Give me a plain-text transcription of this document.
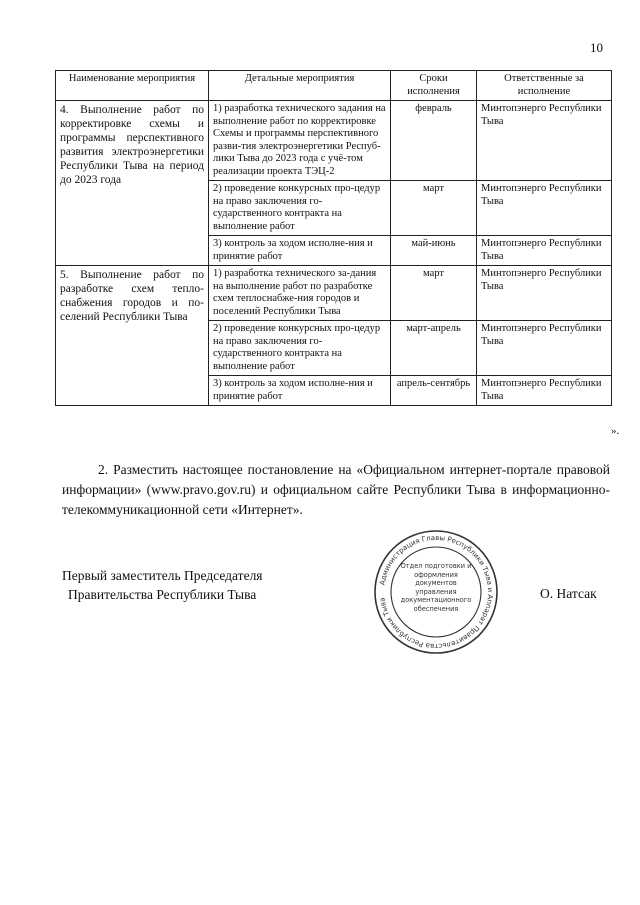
10
Наименование мероприятия	Детальные мероприятия	Сроки исполнения	Ответственные за исполнение
4. Выполнение работ по корректировке схемы и программы перспективного развития электроэнергетики Республики Тыва на период до 2023 года	1) разработка технического задания на выполнение работ по корректировке Схемы и программы перспективного разви-тия электроэнергетики Респуб-лики Тыва до 2023 года с учё-том реализации проекта ТЭЦ-2	февраль	Минтопэнерго Республики Тыва
	2) проведение конкурсных про-цедур на право заключения го-сударственного контракта на выполнение работ	март	Минтопэнерго Республики Тыва
	3) контроль за ходом исполне-ния и принятие работ	май-июнь	Минтопэнерго Республики Тыва
5. Выполнение работ по разработке схем тепло-снабжения городов и по-селений Республики Тыва	1) разработка технического за-дания на выполнение работ по разработке схем теплоснабже-ния городов и поселений Республики Тыва	март	Минтопэнерго Республики Тыва
	2) проведение конкурсных про-цедур на право заключения го-сударственного контракта на выполнение работ	март-апрель	Минтопэнерго Республики Тыва
	3) контроль за ходом исполне-ния и принятие работ	апрель-сентябрь	Минтопэнерго Республики Тыва
».

2. Разместить настоящее постановление на «Официальном интернет-портале правовой информации» (www.pravo.gov.ru) и официальном сайте Республики Тыва в информационно-телекоммуникационной сети «Интернет».

Первый заместитель Председателя
Правительства Республики Тыва
Администрация Главы Республики Тыва и Аппарат Правительства Республики Тыва
Отдел подготовки и оформления документов управления документационного обеспечения
О. Натсак
